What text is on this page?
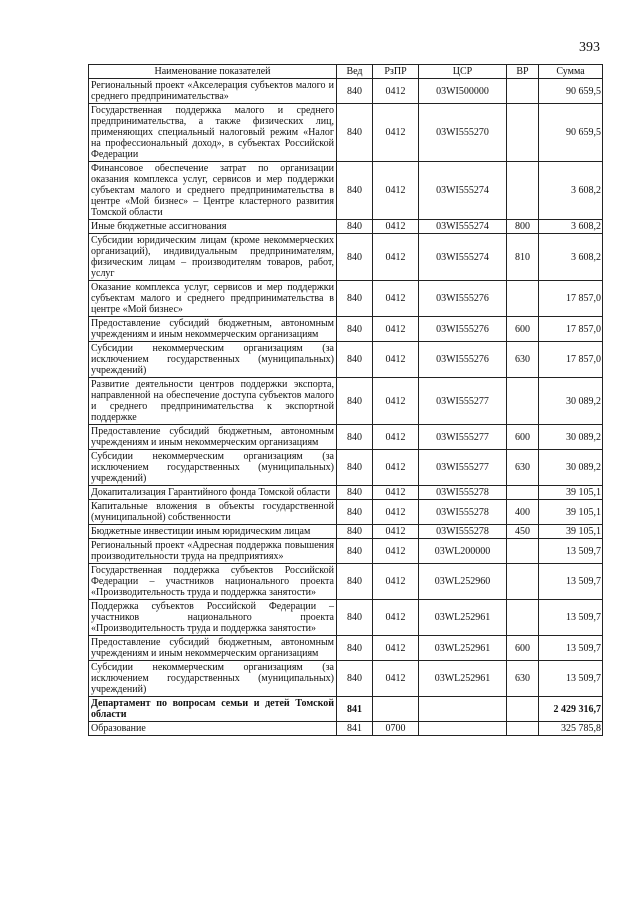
393
Наименование показателей	Вед	РзПР	ЦСР	ВР	Сумма
Региональный проект «Акселерация субъектов малого и среднего предпринимательства»	840	0412	03WI500000		90 659,5
Государственная поддержка малого и среднего предпринимательства, а также физических лиц, применяющих специальный налоговый режим «Налог на профессиональный доход», в субъектах Российской Федерации	840	0412	03WI555270		90 659,5
Финансовое обеспечение затрат по организации оказания комплекса услуг, сервисов и мер поддержки субъектам малого и среднего предпринимательства в центре «Мой бизнес» – Центре кластерного развития Томской области	840	0412	03WI555274		3 608,2
Иные бюджетные ассигнования	840	0412	03WI555274	800	3 608,2
Субсидии юридическим лицам (кроме некоммерческих организаций), индивидуальным предпринимателям, физическим лицам – производителям товаров, работ, услуг	840	0412	03WI555274	810	3 608,2
Оказание комплекса услуг, сервисов и мер поддержки субъектам малого и среднего предпринимательства в центре «Мой бизнес»	840	0412	03WI555276		17 857,0
Предоставление субсидий бюджетным, автономным учреждениям и иным некоммерческим организациям	840	0412	03WI555276	600	17 857,0
Субсидии некоммерческим организациям (за исключением государственных (муниципальных) учреждений)	840	0412	03WI555276	630	17 857,0
Развитие деятельности центров поддержки экспорта, направленной на обеспечение доступа субъектов малого и среднего предпринимательства к экспортной поддержке	840	0412	03WI555277		30 089,2
Предоставление субсидий бюджетным, автономным учреждениям и иным некоммерческим организациям	840	0412	03WI555277	600	30 089,2
Субсидии некоммерческим организациям (за исключением государственных (муниципальных) учреждений)	840	0412	03WI555277	630	30 089,2
Докапитализация Гарантийного фонда Томской области	840	0412	03WI555278		39 105,1
Капитальные вложения в объекты государственной (муниципальной) собственности	840	0412	03WI555278	400	39 105,1
Бюджетные инвестиции иным юридическим лицам	840	0412	03WI555278	450	39 105,1
Региональный проект «Адресная поддержка повышения производительности труда на предприятиях»	840	0412	03WL200000		13 509,7
Государственная поддержка субъектов Российской Федерации – участников национального проекта «Производительность труда и поддержка занятости»	840	0412	03WL252960		13 509,7
Поддержка субъектов Российской Федерации – участников национального проекта «Производительность труда и поддержка занятости»	840	0412	03WL252961		13 509,7
Предоставление субсидий бюджетным, автономным учреждениям и иным некоммерческим организациям	840	0412	03WL252961	600	13 509,7
Субсидии некоммерческим организациям (за исключением государственных (муниципальных) учреждений)	840	0412	03WL252961	630	13 509,7
Департамент по вопросам семьи и детей Томской области	841				2 429 316,7
Образование	841	0700			325 785,8
